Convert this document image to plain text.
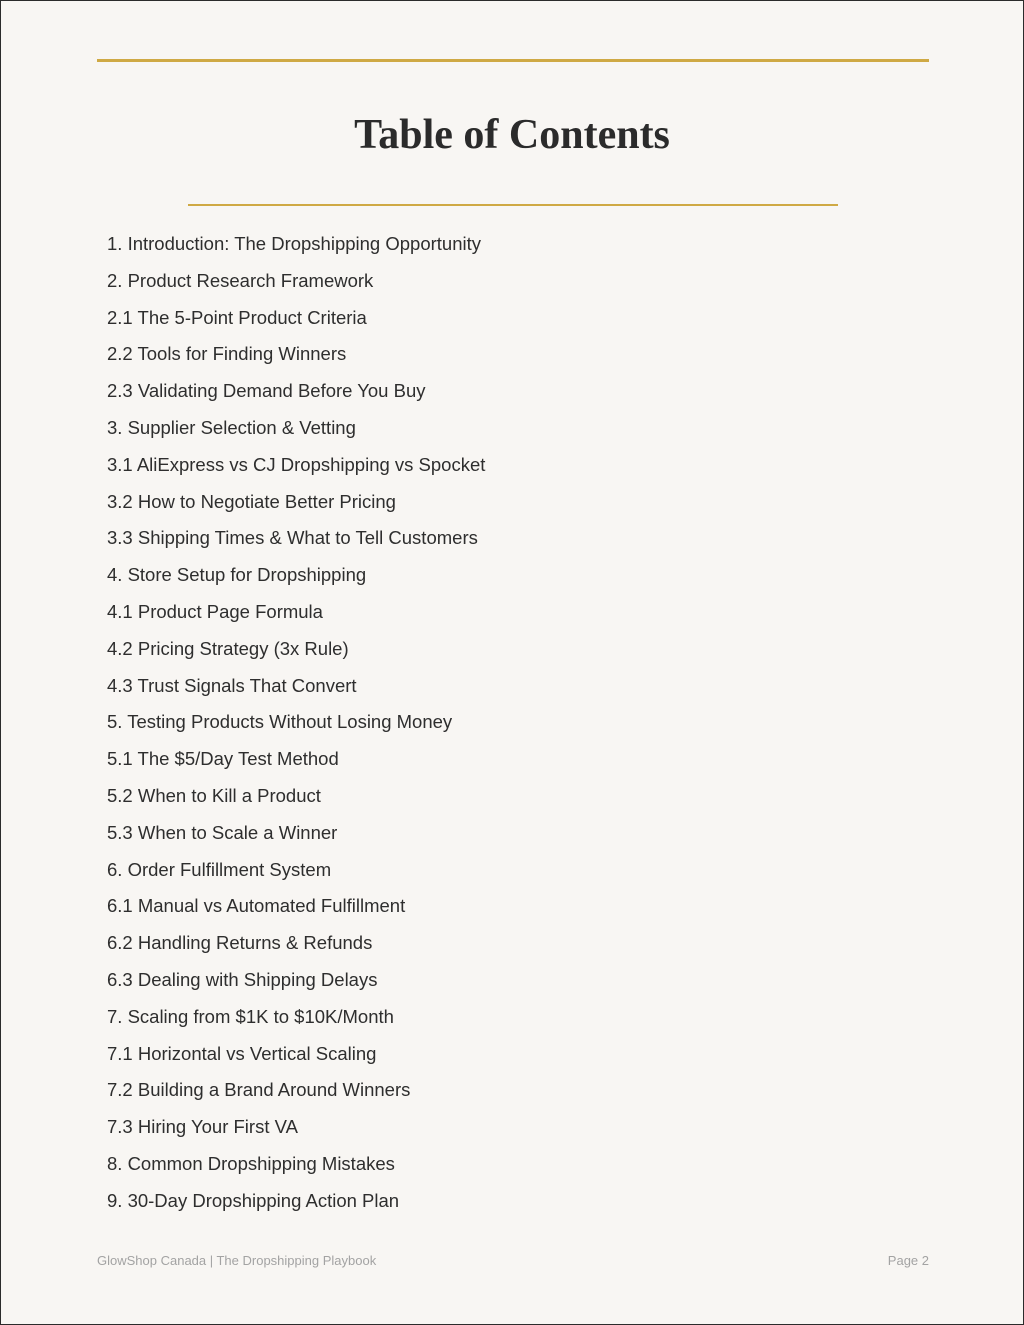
Table of Contents
1. Introduction: The Dropshipping Opportunity
2. Product Research Framework
2.1 The 5-Point Product Criteria
2.2 Tools for Finding Winners
2.3 Validating Demand Before You Buy
3. Supplier Selection & Vetting
3.1 AliExpress vs CJ Dropshipping vs Spocket
3.2 How to Negotiate Better Pricing
3.3 Shipping Times & What to Tell Customers
4. Store Setup for Dropshipping
4.1 Product Page Formula
4.2 Pricing Strategy (3x Rule)
4.3 Trust Signals That Convert
5. Testing Products Without Losing Money
5.1 The $5/Day Test Method
5.2 When to Kill a Product
5.3 When to Scale a Winner
6. Order Fulfillment System
6.1 Manual vs Automated Fulfillment
6.2 Handling Returns & Refunds
6.3 Dealing with Shipping Delays
7. Scaling from $1K to $10K/Month
7.1 Horizontal vs Vertical Scaling
7.2 Building a Brand Around Winners
7.3 Hiring Your First VA
8. Common Dropshipping Mistakes
9. 30-Day Dropshipping Action Plan
GlowShop Canada | The Dropshipping Playbook	Page 2
